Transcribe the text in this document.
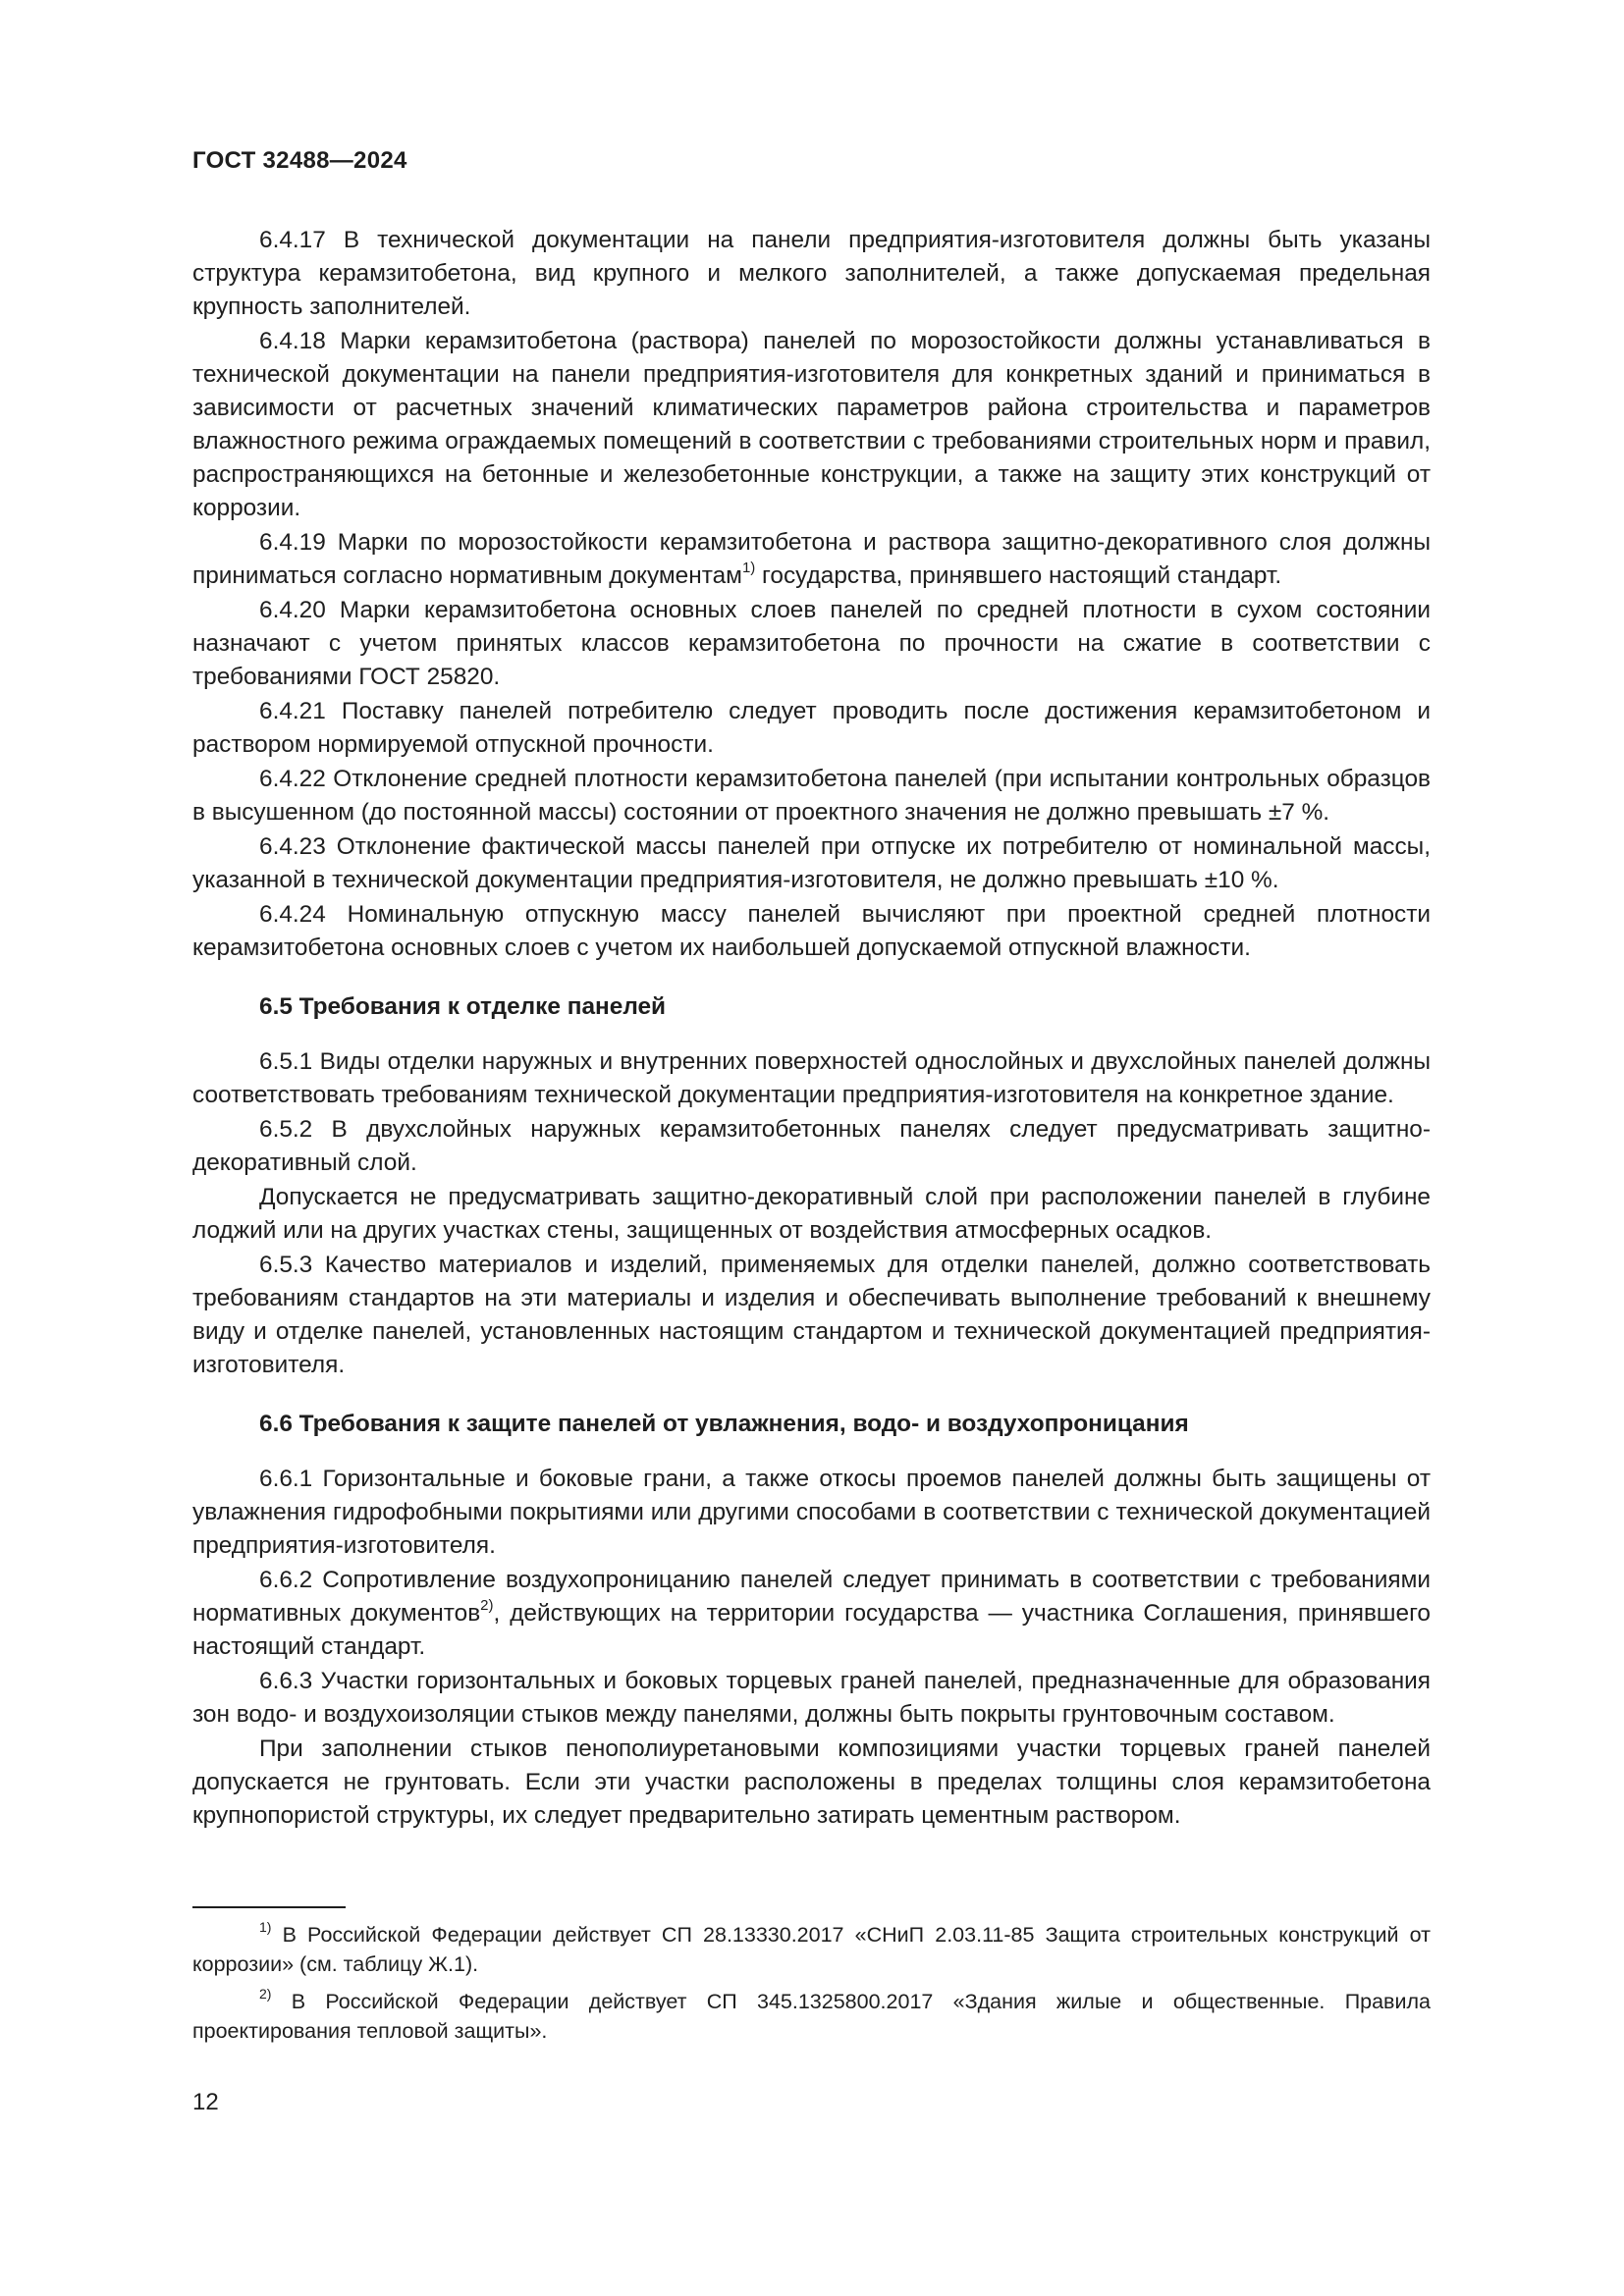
ГОСТ 32488—2024

6.4.17 В технической документации на панели предприятия-изготовителя должны быть указаны структура керамзитобетона, вид крупного и мелкого заполнителей, а также допускаемая предельная крупность заполнителей.

6.4.18 Марки керамзитобетона (раствора) панелей по морозостойкости должны устанавливаться в технической документации на панели предприятия-изготовителя для конкретных зданий и приниматься в зависимости от расчетных значений климатических параметров района строительства и параметров влажностного режима ограждаемых помещений в соответствии с требованиями строительных норм и правил, распространяющихся на бетонные и железобетонные конструкции, а также на защиту этих конструкций от коррозии.

6.4.19 Марки по морозостойкости керамзитобетона и раствора защитно-декоративного слоя должны приниматься согласно нормативным документам$^{1)}$ государства, принявшего настоящий стандарт.

6.4.20 Марки керамзитобетона основных слоев панелей по средней плотности в сухом состоянии назначают с учетом принятых классов керамзитобетона по прочности на сжатие в соответствии с требованиями ГОСТ 25820.

6.4.21 Поставку панелей потребителю следует проводить после достижения керамзитобетоном и раствором нормируемой отпускной прочности.

6.4.22 Отклонение средней плотности керамзитобетона панелей (при испытании контрольных образцов в высушенном (до постоянной массы) состоянии от проектного значения не должно превышать ±7 %.

6.4.23 Отклонение фактической массы панелей при отпуске их потребителю от номинальной массы, указанной в технической документации предприятия-изготовителя, не должно превышать ±10 %.

6.4.24 Номинальную отпускную массу панелей вычисляют при проектной средней плотности керамзитобетона основных слоев с учетом их наибольшей допускаемой отпускной влажности.

6.5 Требования к отделке панелей

6.5.1 Виды отделки наружных и внутренних поверхностей однослойных и двухслойных панелей должны соответствовать требованиям технической документации предприятия-изготовителя на конкретное здание.

6.5.2 В двухслойных наружных керамзитобетонных панелях следует предусматривать защитно-декоративный слой.

Допускается не предусматривать защитно-декоративный слой при расположении панелей в глубине лоджий или на других участках стены, защищенных от воздействия атмосферных осадков.

6.5.3 Качество материалов и изделий, применяемых для отделки панелей, должно соответствовать требованиям стандартов на эти материалы и изделия и обеспечивать выполнение требований к внешнему виду и отделке панелей, установленных настоящим стандартом и технической документацией предприятия-изготовителя.

6.6 Требования к защите панелей от увлажнения, водо- и воздухопроницания

6.6.1 Горизонтальные и боковые грани, а также откосы проемов панелей должны быть защищены от увлажнения гидрофобными покрытиями или другими способами в соответствии с технической документацией предприятия-изготовителя.

6.6.2 Сопротивление воздухопроницанию панелей следует принимать в соответствии с требованиями нормативных документов$^{2)}$, действующих на территории государства — участника Соглашения, принявшего настоящий стандарт.

6.6.3 Участки горизонтальных и боковых торцевых граней панелей, предназначенные для образования зон водо- и воздухоизоляции стыков между панелями, должны быть покрыты грунтовочным составом.

При заполнении стыков пенополиуретановыми композициями участки торцевых граней панелей допускается не грунтовать. Если эти участки расположены в пределах толщины слоя керамзитобетона крупнопористой структуры, их следует предварительно затирать цементным раствором.

$^{1)}$ В Российской Федерации действует СП 28.13330.2017 «СНиП 2.03.11-85 Защита строительных конструкций от коррозии» (см. таблицу Ж.1).

$^{2)}$ В Российской Федерации действует СП 345.1325800.2017 «Здания жилые и общественные. Правила проектирования тепловой защиты».

12
